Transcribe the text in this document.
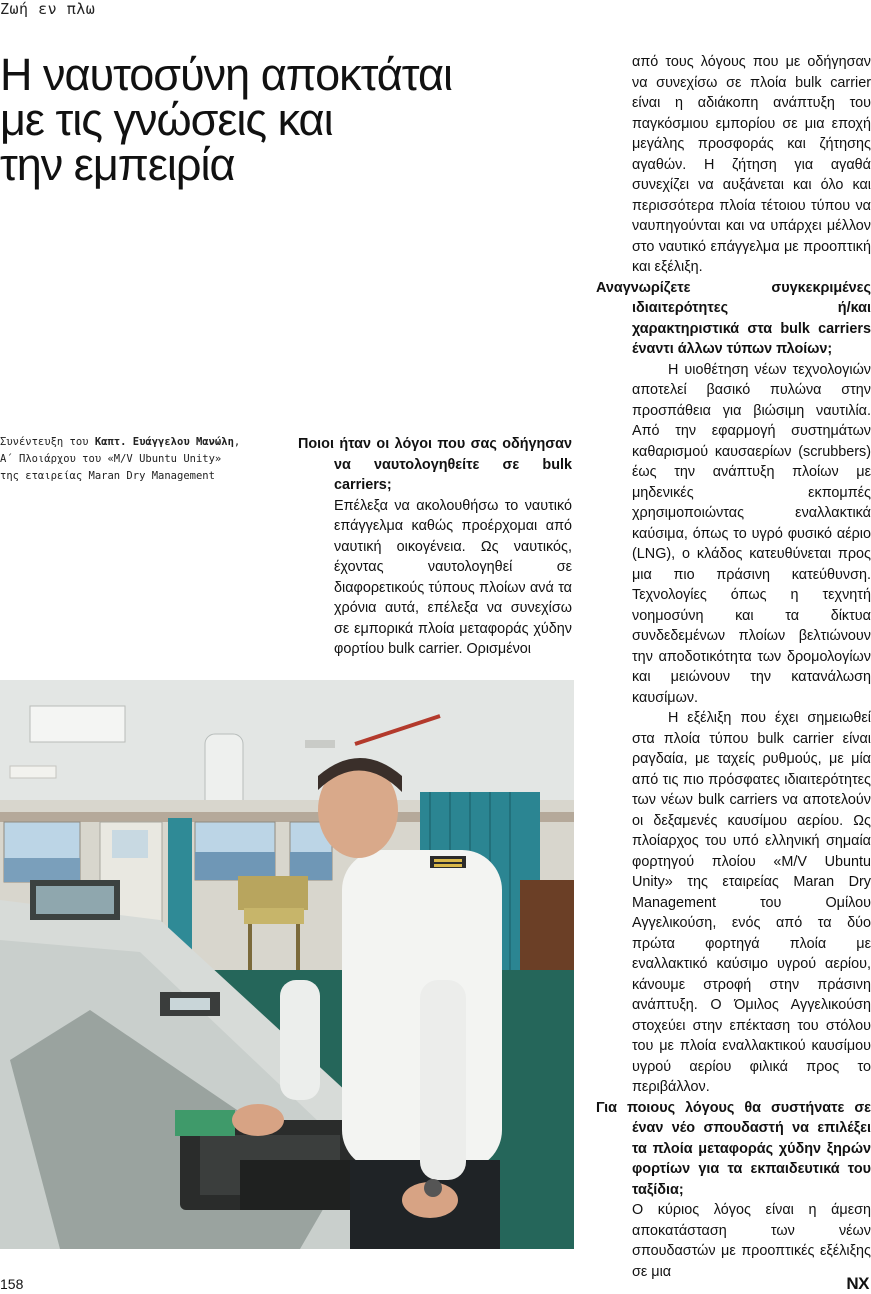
Ζωή εν πλω
Η ναυτοσύνη αποκτάται
με τις γνώσεις και
την εμπειρία
Συνέντευξη του Καπτ. Ευάγγελου Μανώλη,
Α΄ Πλοιάρχου του «M/V Ubuntu Unity»
της εταιρείας Maran Dry Management

Ποιοι ήταν οι λόγοι που σας οδήγησαν να ναυτολογηθείτε σε bulk carriers;

Επέλεξα να ακολουθήσω το ναυτικό επάγγελμα καθώς προέρχομαι από ναυτική οικογένεια. Ως ναυτικός, έχοντας ναυτολογηθεί σε διαφορετικούς τύπους πλοίων ανά τα χρόνια αυτά, επέλεξα να συνεχίσω σε εμπορικά πλοία μεταφοράς χύδην φορτίου bulk carrier. Ορισμένοι

από τους λόγους που με οδήγησαν να συνεχίσω σε πλοία bulk carrier είναι η αδιάκοπη ανάπτυξη του παγκόσμιου εμπορίου σε μια εποχή μεγάλης προσφοράς και ζήτησης αγαθών. Η ζήτηση για αγαθά συνεχίζει να αυξάνεται και όλο και περισσότερα πλοία τέτοιου τύπου να ναυπηγούνται και να υπάρχει μέλλον στο ναυτικό επάγγελμα με προοπτική και εξέλιξη.

Αναγνωρίζετε συγκεκριμένες ιδιαιτερότητες ή/και χαρακτηριστικά στα bulk carriers έναντι άλλων τύπων πλοίων;

Η υιοθέτηση νέων τεχνολογιών αποτελεί βασικό πυλώνα στην προσπάθεια για βιώσιμη ναυτιλία. Από την εφαρμογή συστημάτων καθαρισμού καυσαερίων (scrubbers) έως την ανάπτυξη πλοίων με μηδενικές εκπομπές χρησιμοποιώντας εναλλακτικά καύσιμα, όπως το υγρό φυσικό αέριο (LNG), ο κλάδος κατευθύνεται προς μια πιο πράσινη κατεύθυνση. Τεχνολογίες όπως η τεχνητή νοημοσύνη και τα δίκτυα συνδεδεμένων πλοίων βελτιώνουν την αποδοτικότητα των δρομολογίων και μειώνουν την κατανάλωση καυσίμων.

Η εξέλιξη που έχει σημειωθεί στα πλοία τύπου bulk carrier είναι ραγδαία, με ταχείς ρυθμούς, με μία από τις πιο πρόσφατες ιδιαιτερότητες των νέων bulk carriers να αποτελούν οι δεξαμενές καυσίμου αερίου. Ως πλοίαρχος του υπό ελληνική σημαία φορτηγού πλοίου «M/V Ubuntu Unity» της εταιρείας Maran Dry Management του Ομίλου Αγγελικούση, ενός από τα δύο πρώτα φορτηγά πλοία με εναλλακτικό καύσιμο υγρού αερίου, κάνουμε στροφή στην πράσινη ανάπτυξη. Ο Όμιλος Αγγελικούση στοχεύει στην επέκταση του στόλου του με πλοία εναλλακτικού καυσίμου υγρού αερίου φιλικά προς το περιβάλλον.

Για ποιους λόγους θα συστήνατε σε έναν νέο σπουδαστή να επιλέξει τα πλοία μεταφοράς χύδην ξηρών φορτίων για τα εκπαιδευτικά του ταξίδια;

Ο κύριος λόγος είναι η άμεση αποκατάσταση των νέων σπουδαστών με προοπτικές εξέλιξης σε μια

158	NX
